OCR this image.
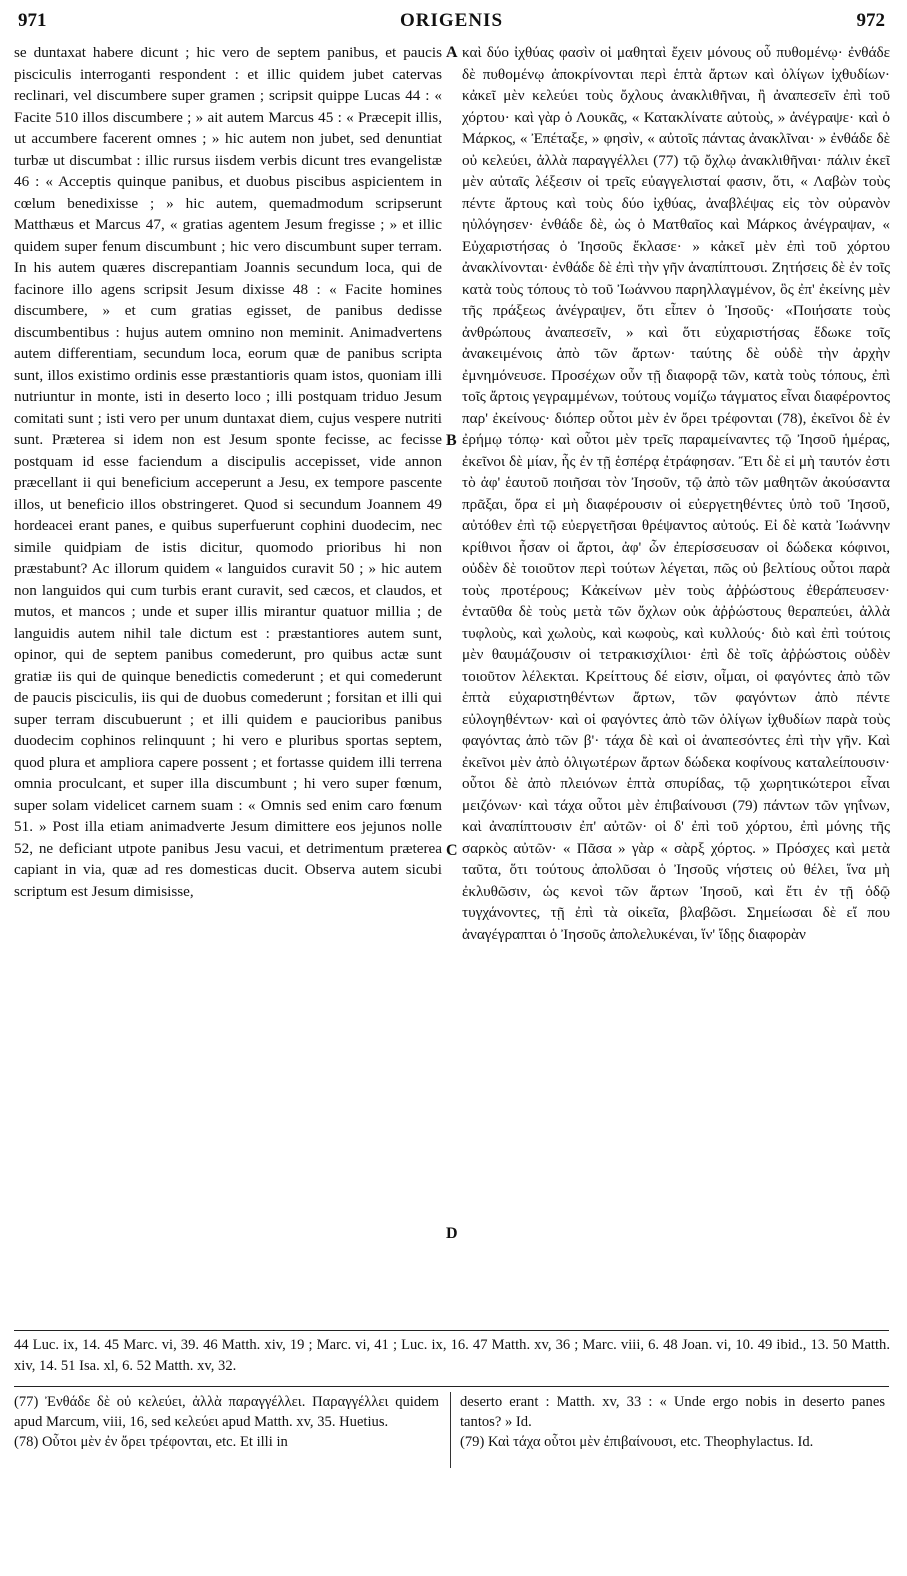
971	ORIGENIS	972

se duntaxat habere dicunt ; hic vero de septem panibus, et paucis pisciculis interroganti respondent : et illic quidem jubet catervas reclinari, vel discumbere super gramen ; scripsit quippe Lucas 44 : « Facite 510 illos discumbere ; » ait autem Marcus 45 : « Præcepit illis, ut accumbere facerent omnes ; » hic autem non jubet, sed denuntiat turbæ ut discumbat : illic rursus iisdem verbis dicunt tres evangelistæ 46 : « Acceptis quinque panibus, et duobus piscibus aspicientem in cœlum benedixisse ; » hic autem, quemadmodum scripserunt Matthæus et Marcus 47, « gratias agentem Jesum fregisse ; » et illic quidem super fenum discumbunt ; hic vero discumbunt super terram. In his autem quæres discrepantiam Joannis secundum loca, qui de facinore illo agens scripsit Jesum dixisse 48 : « Facite homines discumbere, » et cum gratias egisset, de panibus dedisse discumbentibus : hujus autem omnino non meminit. Animadvertens autem differentiam, secundum loca, eorum quæ de panibus scripta sunt, illos existimo ordinis esse præstantioris quam istos, quoniam illi nutriuntur in monte, isti in deserto loco ; illi postquam triduo Jesum comitati sunt ; isti vero per unum duntaxat diem, cujus vespere nutriti sunt. Præterea si idem non est Jesum sponte fecisse, ac fecisse postquam id esse faciendum a discipulis accepisset, vide annon præcellant ii qui beneficium acceperunt a Jesu, ex tempore pascente illos, ut beneficio illos obstringeret. Quod si secundum Joannem 49 hordeacei erant panes, e quibus superfuerunt cophini duodecim, nec simile quidpiam de istis dicitur, quomodo prioribus hi non præstabunt? Ac illorum quidem « languidos curavit 50 ; » hic autem non languidos qui cum turbis erant curavit, sed cæcos, et claudos, et mutos, et mancos ; unde et super illis mirantur quatuor millia ; de languidis autem nihil tale dictum est : præstantiores autem sunt, opinor, qui de septem panibus comederunt, pro quibus actæ sunt gratiæ iis qui de quinque benedictis comederunt ; et qui comederunt de paucis pisciculis, iis qui de duobus comederunt ; forsitan et illi qui super terram discubuerunt ; et illi quidem e paucioribus panibus duodecim cophinos relinquunt ; hi vero e pluribus sportas septem, quod plura et ampliora capere possent ; et fortasse quidem illi terrena omnia proculcant, et super illa discumbunt ; hi vero super fœnum, super solam videlicet carnem suam : « Omnis sed enim caro fœnum 51. » Post illa etiam animadverte Jesum dimittere eos jejunos nolle 52, ne deficiant utpote panibus Jesu vacui, et detrimentum præterea capiant in via, quæ ad res domesticas ducit. Observa autem sicubi scriptum est Jesum dimisisse,

A
B
C
D

καὶ δύο ἰχθύας φασὶν οἱ μαθηταὶ ἔχειν μόνους οὗ πυθομένῳ· ἐνθάδε δὲ πυθομένῳ ἀποκρίνονται περὶ ἑπτὰ ἄρτων καὶ ὀλίγων ἰχθυδίων· κἀκεῖ μὲν κελεύει τοὺς ὄχλους ἀνακλιθῆναι, ἢ ἀναπεσεῖν ἐπὶ τοῦ χόρτου· καὶ γὰρ ὁ Λουκᾶς, « Κατακλίνατε αὐτοὺς, » ἀνέγραψε· καὶ ὁ Μάρκος, « Ἐπέταξε, » φησὶν, « αὐτοῖς πάντας ἀνακλῖναι· » ἐνθάδε δὲ οὐ κελεύει, ἀλλὰ παραγγέλλει (77) τῷ ὄχλῳ ἀνακλιθῆναι· πάλιν ἐκεῖ μὲν αὐταῖς λέξεσιν οἱ τρεῖς εὐαγγελισταί φασιν, ὅτι, « Λαβὼν τοὺς πέντε ἄρτους καὶ τοὺς δύο ἰχθύας, ἀναβλέψας εἰς τὸν οὐρανὸν ηὐλόγησεν· ἐνθάδε δὲ, ὡς ὁ Ματθαῖος καὶ Μάρκος ἀνέγραψαν, « Εὐχαριστήσας ὁ Ἰησοῦς ἔκλασε· » κἀκεῖ μὲν ἐπὶ τοῦ χόρτου ἀνακλίνονται· ἐνθάδε δὲ ἐπὶ τὴν γῆν ἀναπίπτουσι. Ζητήσεις δὲ ἐν τοῖς κατὰ τοὺς τόπους τὸ τοῦ Ἰωάννου παρηλλαγμένον, ὃς ἐπ' ἐκείνης μὲν τῆς πράξεως ἀνέγραψεν, ὅτι εἶπεν ὁ Ἰησοῦς· «Ποιήσατε τοὺς ἀνθρώπους ἀναπεσεῖν, » καὶ ὅτι εὐχαριστήσας ἔδωκε τοῖς ἀνακειμένοις ἀπὸ τῶν ἄρτων· ταύτης δὲ οὐδὲ τὴν ἀρχὴν ἐμνημόνευσε. Προσέχων οὖν τῇ διαφορᾷ τῶν, κατὰ τοὺς τόπους, ἐπὶ τοῖς ἄρτοις γεγραμμένων, τούτους νομίζω τάγματος εἶναι διαφέροντος παρ' ἐκείνους· διόπερ οὗτοι μὲν ἐν ὄρει τρέφονται (78), ἐκεῖνοι δὲ ἐν ἐρήμῳ τόπῳ· καὶ οὗτοι μὲν τρεῖς παραμείναντες τῷ Ἰησοῦ ἡμέρας, ἐκεῖνοι δὲ μίαν, ἧς ἐν τῇ ἑσπέρᾳ ἐτράφησαν. Ἔτι δὲ εἰ μὴ ταυτόν ἐστι τὸ ἀφ' ἑαυτοῦ ποιῆσαι τὸν Ἰησοῦν, τῷ ἀπὸ τῶν μαθητῶν ἀκούσαντα πρᾶξαι, ὅρα εἰ μὴ διαφέρουσιν οἱ εὐεργετηθέντες ὑπὸ τοῦ Ἰησοῦ, αὐτόθεν ἐπὶ τῷ εὐεργετῆσαι θρέψαντος αὐτούς. Εἰ δὲ κατὰ Ἰωάννην κρίθινοι ἦσαν οἱ ἄρτοι, ἀφ' ὧν ἐπερίσσευσαν οἱ δώδεκα κόφινοι, οὐδὲν δὲ τοιοῦτον περὶ τούτων λέγεται, πῶς οὐ βελτίους οὗτοι παρὰ τοὺς προτέρους; Κἀκείνων μὲν τοὺς ἀῤῥώστους ἐθεράπευσεν· ἐνταῦθα δὲ τοὺς μετὰ τῶν ὄχλων οὐκ ἀῤῥώστους θεραπεύει, ἀλλὰ τυφλοὺς, καὶ χωλοὺς, καὶ κωφοὺς, καὶ κυλλούς· διὸ καὶ ἐπὶ τούτοις μὲν θαυμάζουσιν οἱ τετρακισχίλιοι· ἐπὶ δὲ τοῖς ἀῤῥώστοις οὐδὲν τοιοῦτον λέλεκται. Κρείττους δέ εἰσιν, οἶμαι, οἱ φαγόντες ἀπὸ τῶν ἑπτὰ εὐχαριστηθέντων ἄρτων, τῶν φαγόντων ἀπὸ πέντε εὐλογηθέντων· καὶ οἱ φαγόντες ἀπὸ τῶν ὀλίγων ἰχθυδίων παρὰ τοὺς φαγόντας ἀπὸ τῶν β'· τάχα δὲ καὶ οἱ ἀναπεσόντες ἐπὶ τὴν γῆν. Καὶ ἐκεῖνοι μὲν ἀπὸ ὀλιγωτέρων ἄρτων δώδεκα κοφίνους καταλείπουσιν· οὗτοι δὲ ἀπὸ πλειόνων ἑπτὰ σπυρίδας, τῷ χωρητικώτεροι εἶναι μειζόνων· καὶ τάχα οὗτοι μὲν ἐπιβαίνουσι (79) πάντων τῶν γηΐνων, καὶ ἀναπίπτουσιν ἐπ' αὐτῶν· οἱ δ' ἐπὶ τοῦ χόρτου, ἐπὶ μόνης τῆς σαρκὸς αὐτῶν· « Πᾶσα » γὰρ « σὰρξ χόρτος. » Πρόσχες καὶ μετὰ ταῦτα, ὅτι τούτους ἀπολῦσαι ὁ Ἰησοῦς νήστεις οὐ θέλει, ἵνα μὴ ἐκλυθῶσιν, ὡς κενοὶ τῶν ἄρτων Ἰησοῦ, καὶ ἔτι ἐν τῇ ὁδῷ τυγχάνοντες, τῇ ἐπὶ τὰ οἰκεῖα, βλαβῶσι. Σημείωσαι δὲ εἴ που ἀναγέγραπται ὁ Ἰησοῦς ἀπολελυκέναι, ἵν' ἴδῃς διαφορὰν

44 Luc. ix, 14. 45 Marc. vi, 39. 46 Matth. xiv, 19 ; Marc. vi, 41 ; Luc. ix, 16. 47 Matth. xv, 36 ; Marc. viii, 6. 48 Joan. vi, 10. 49 ibid., 13. 50 Matth. xiv, 14. 51 Isa. xl, 6. 52 Matth. xv, 32.

(77) Ἐνθάδε δὲ οὐ κελεύει, ἀλλὰ παραγγέλλει. Παραγγέλλει quidem apud Marcum, viii, 16, sed κελεύει apud Matth. xv, 35. Huetius.

(78) Οὗτοι μὲν ἐν ὄρει τρέφονται, etc. Et illi in

deserto erant : Matth. xv, 33 : « Unde ergo nobis in deserto panes tantos? » Id.

(79) Καὶ τάχα οὗτοι μὲν ἐπιβαίνουσι, etc. Theophylactus. Id.
